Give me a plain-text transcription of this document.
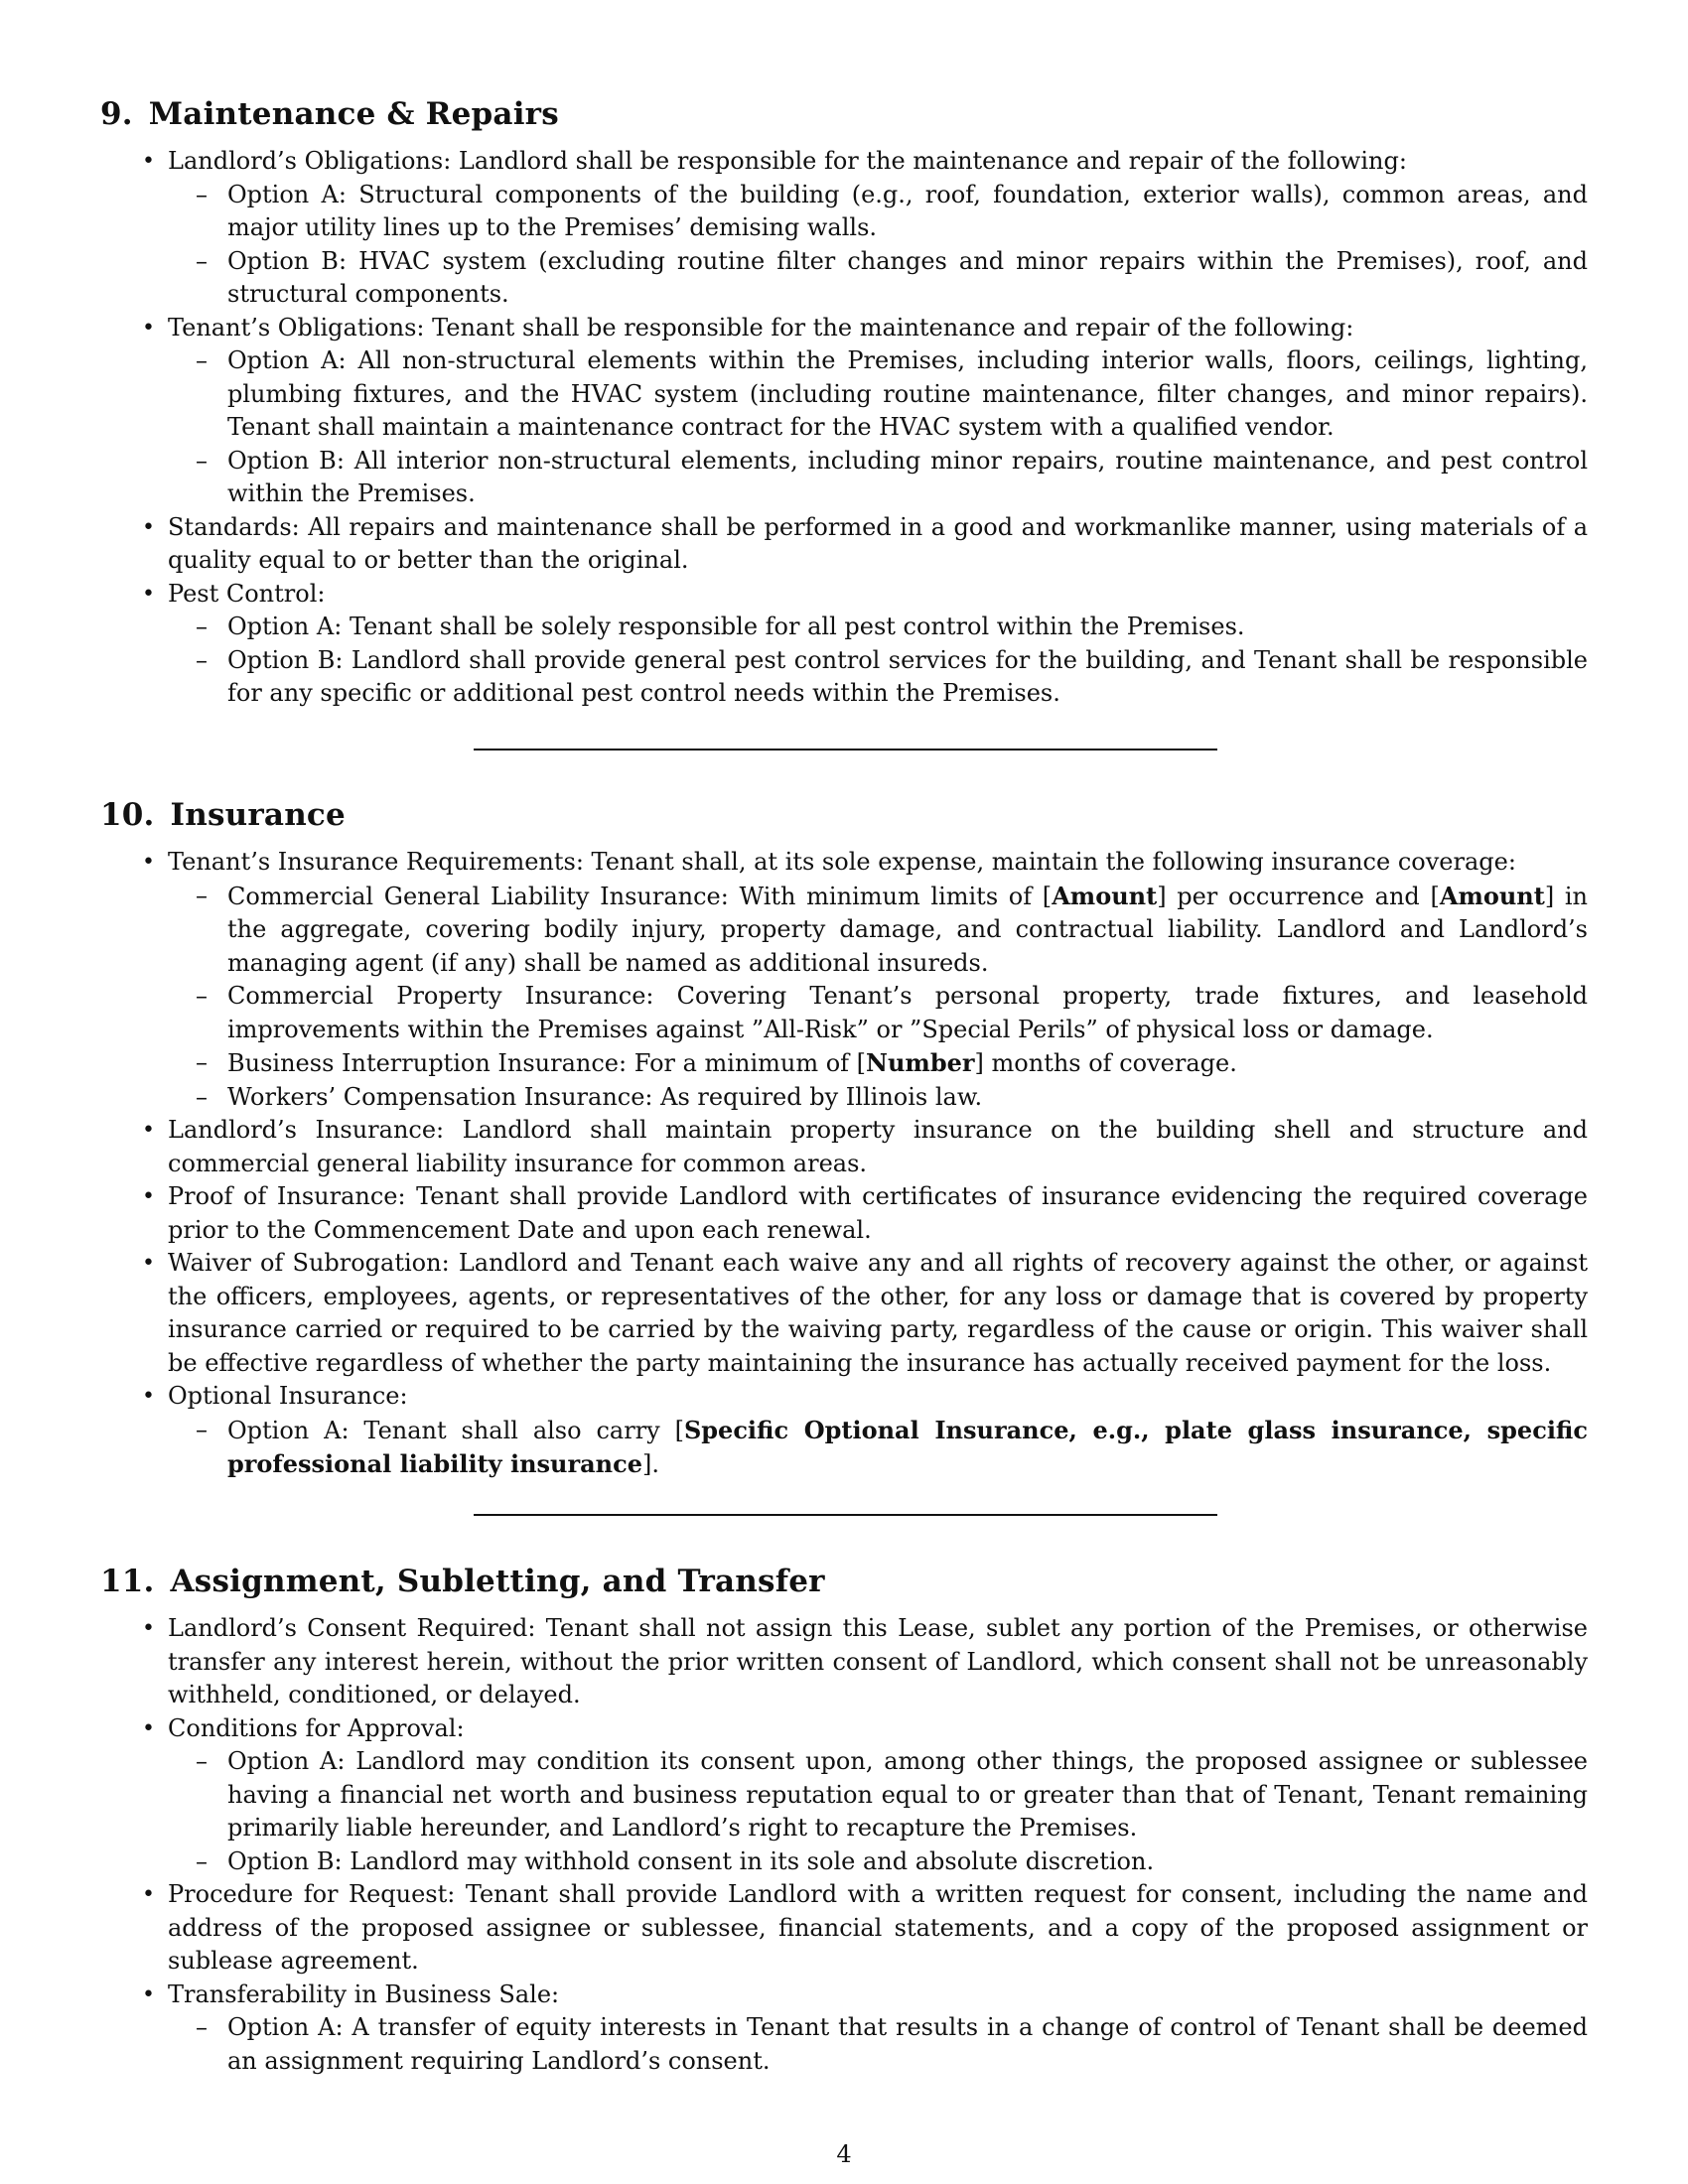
9. Maintenance & Repairs
• Landlord’s Obligations: Landlord shall be responsible for the maintenance and repair of the following:
– Option A: Structural components of the building (e.g., roof, foundation, exterior walls), common areas, and major utility lines up to the Premises’ demising walls.
– Option B: HVAC system (excluding routine filter changes and minor repairs within the Premises), roof, and structural components.
• Tenant’s Obligations: Tenant shall be responsible for the maintenance and repair of the following:
– Option A: All non-structural elements within the Premises, including interior walls, floors, ceilings, lighting, plumbing fixtures, and the HVAC system (including routine maintenance, filter changes, and minor repairs). Tenant shall maintain a maintenance contract for the HVAC system with a qualified vendor.
– Option B: All interior non-structural elements, including minor repairs, routine maintenance, and pest control within the Premises.
• Standards: All repairs and maintenance shall be performed in a good and workmanlike manner, using materials of a quality equal to or better than the original.
• Pest Control:
– Option A: Tenant shall be solely responsible for all pest control within the Premises.
– Option B: Landlord shall provide general pest control services for the building, and Tenant shall be responsible for any specific or additional pest control needs within the Premises.
10. Insurance
• Tenant’s Insurance Requirements: Tenant shall, at its sole expense, maintain the following insurance coverage:
– Commercial General Liability Insurance: With minimum limits of [Amount] per occurrence and [Amount] in the aggregate, covering bodily injury, property damage, and contractual liability. Landlord and Landlord’s managing agent (if any) shall be named as additional insureds.
– Commercial Property Insurance: Covering Tenant’s personal property, trade fixtures, and leasehold improvements within the Premises against ”All-Risk” or ”Special Perils” of physical loss or damage.
– Business Interruption Insurance: For a minimum of [Number] months of coverage.
– Workers’ Compensation Insurance: As required by Illinois law.
• Landlord’s Insurance: Landlord shall maintain property insurance on the building shell and structure and commercial general liability insurance for common areas.
• Proof of Insurance: Tenant shall provide Landlord with certificates of insurance evidencing the required coverage prior to the Commencement Date and upon each renewal.
• Waiver of Subrogation: Landlord and Tenant each waive any and all rights of recovery against the other, or against the officers, employees, agents, or representatives of the other, for any loss or damage that is covered by property insurance carried or required to be carried by the waiving party, regardless of the cause or origin. This waiver shall be effective regardless of whether the party maintaining the insurance has actually received payment for the loss.
• Optional Insurance:
– Option A: Tenant shall also carry [Specific Optional Insurance, e.g., plate glass insurance, specific professional liability insurance].
11. Assignment, Subletting, and Transfer
• Landlord’s Consent Required: Tenant shall not assign this Lease, sublet any portion of the Premises, or otherwise transfer any interest herein, without the prior written consent of Landlord, which consent shall not be unreasonably withheld, conditioned, or delayed.
• Conditions for Approval:
– Option A: Landlord may condition its consent upon, among other things, the proposed assignee or sublessee having a financial net worth and business reputation equal to or greater than that of Tenant, Tenant remaining primarily liable hereunder, and Landlord’s right to recapture the Premises.
– Option B: Landlord may withhold consent in its sole and absolute discretion.
• Procedure for Request: Tenant shall provide Landlord with a written request for consent, including the name and address of the proposed assignee or sublessee, financial statements, and a copy of the proposed assignment or sublease agreement.
• Transferability in Business Sale:
– Option A: A transfer of equity interests in Tenant that results in a change of control of Tenant shall be deemed an assignment requiring Landlord’s consent.
4
